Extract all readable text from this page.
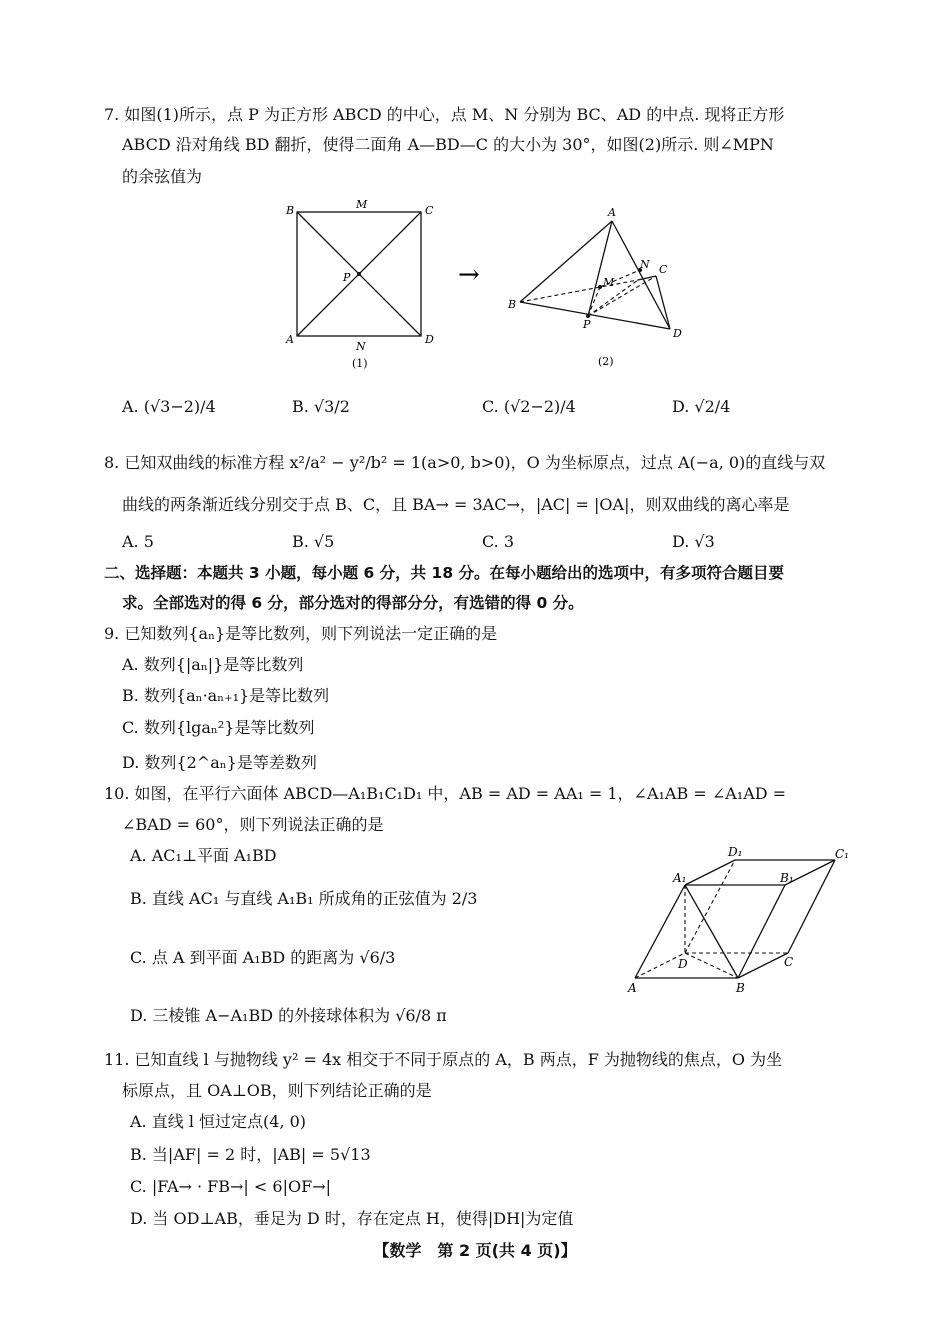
7. 如图(1)所示，点 P 为正方形 ABCD 的中心，点 M、N 分别为 BC、AD 的中点. 现将正方形
ABCD 沿对角线 BD 翻折，使得二面角 A—BD—C 的大小为 30°，如图(2)所示. 则∠MPN
的余弦值为
B	M	C
P
A
N
D
(1)
→
A
B
M
N C
P
D
(2)
A. (√3−2)/4	B. √3/2	C. (√2−2)/4	D. √2/4
8. 已知双曲线的标准方程 x²/a² − y²/b² = 1(a>0, b>0)，O 为坐标原点，过点 A(−a, 0)的直线与双
曲线的两条渐近线分别交于点 B、C，且 BA→ = 3AC→，|AC| = |OA|，则双曲线的离心率是
A. 5	B. √5	C. 3	D. √3
二、选择题：本题共 3 小题，每小题 6 分，共 18 分。在每小题给出的选项中，有多项符合题目要
求。全部选对的得 6 分，部分选对的得部分分，有选错的得 0 分。
9. 已知数列{aₙ}是等比数列，则下列说法一定正确的是
A. 数列{|aₙ|}是等比数列
B. 数列{aₙ·aₙ₊₁}是等比数列
C. 数列{lgaₙ²}是等比数列
D. 数列{2^aₙ}是等差数列
10. 如图，在平行六面体 ABCD—A₁B₁C₁D₁ 中，AB = AD = AA₁ = 1，∠A₁AB = ∠A₁AD =
∠BAD = 60°，则下列说法正确的是
A. AC₁⊥平面 A₁BD
B. 直线 AC₁ 与直线 A₁B₁ 所成角的正弦值为 2/3
C. 点 A 到平面 A₁BD 的距离为 √6/3
D. 三棱锥 A−A₁BD 的外接球体积为 √6/8 π
D₁	C₁
A₁	B₁
D	C
A	B
11. 已知直线 l 与抛物线 y² = 4x 相交于不同于原点的 A，B 两点，F 为抛物线的焦点，O 为坐
标原点，且 OA⊥OB，则下列结论正确的是
A. 直线 l 恒过定点(4, 0)
B. 当|AF| = 2 时，|AB| = 5√13
C. |FA→ · FB→| < 6|OF→|
D. 当 OD⊥AB，垂足为 D 时，存在定点 H，使得|DH|为定值
【数学　第 2 页(共 4 页)】
